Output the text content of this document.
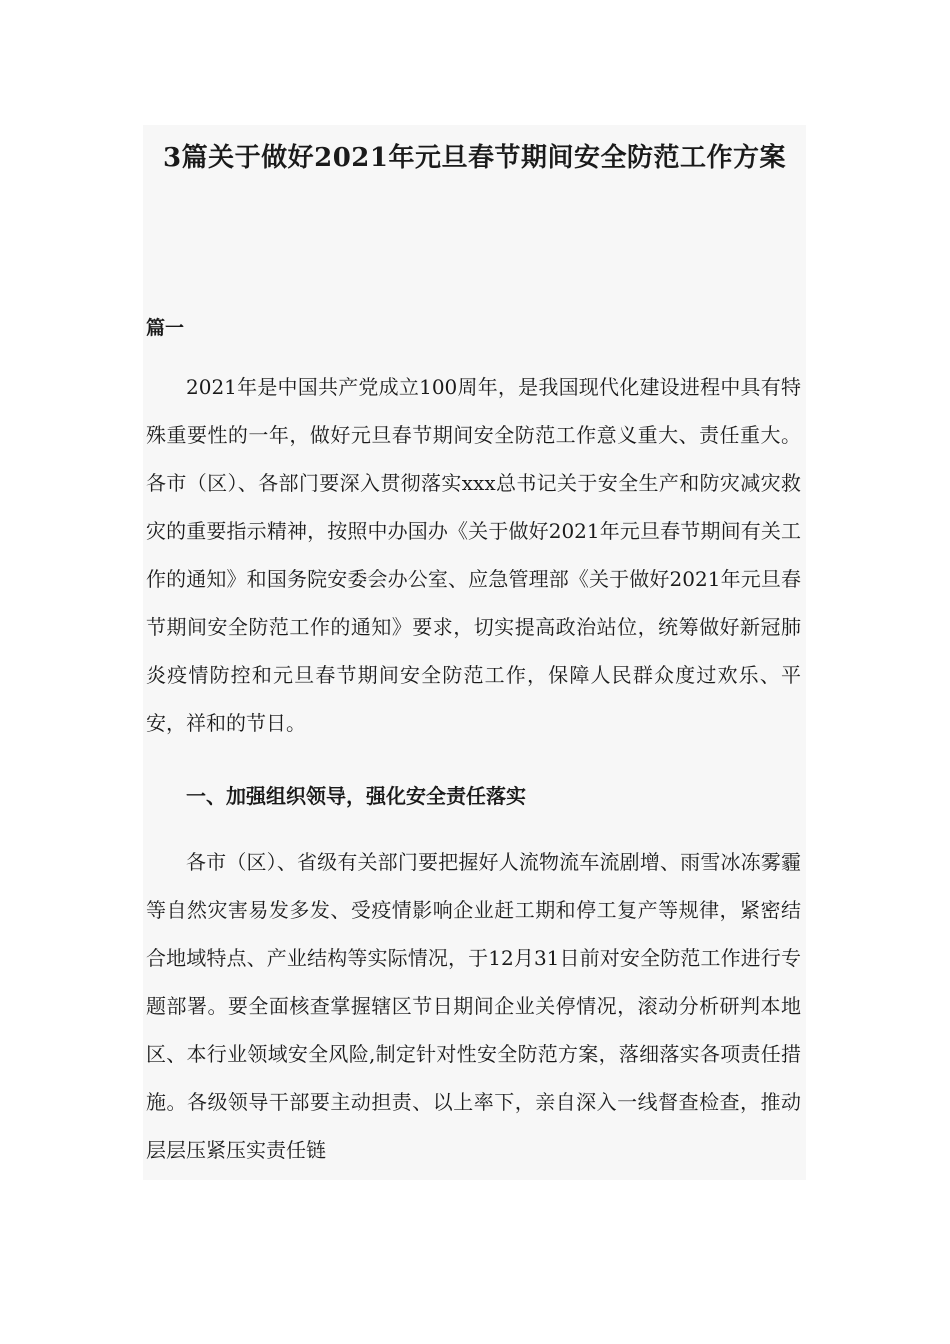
3篇关于做好2021年元旦春节期间安全防范工作方案

篇一

2021年是中国共产党成立100周年，是我国现代化建设进程中具有特殊重要性的一年，做好元旦春节期间安全防范工作意义重大、责任重大。各市（区）、各部门要深入贯彻落实xxx总书记关于安全生产和防灾减灾救灾的重要指示精神，按照中办国办《关于做好2021年元旦春节期间有关工作的通知》和国务院安委会办公室、应急管理部《关于做好2021年元旦春节期间安全防范工作的通知》要求，切实提高政治站位，统筹做好新冠肺炎疫情防控和元旦春节期间安全防范工作，保障人民群众度过欢乐、平安，祥和的节日。

一、加强组织领导，强化安全责任落实

各市（区）、省级有关部门要把握好人流物流车流剧增、雨雪冰冻雾霾等自然灾害易发多发、受疫情影响企业赶工期和停工复产等规律，紧密结合地域特点、产业结构等实际情况，于12月31日前对安全防范工作进行专题部署。要全面核查掌握辖区节日期间企业关停情况，滚动分析研判本地区、本行业领域安全风险,制定针对性安全防范方案，落细落实各项责任措施。各级领导干部要主动担责、以上率下，亲自深入一线督查检查，推动层层压紧压实责任链
